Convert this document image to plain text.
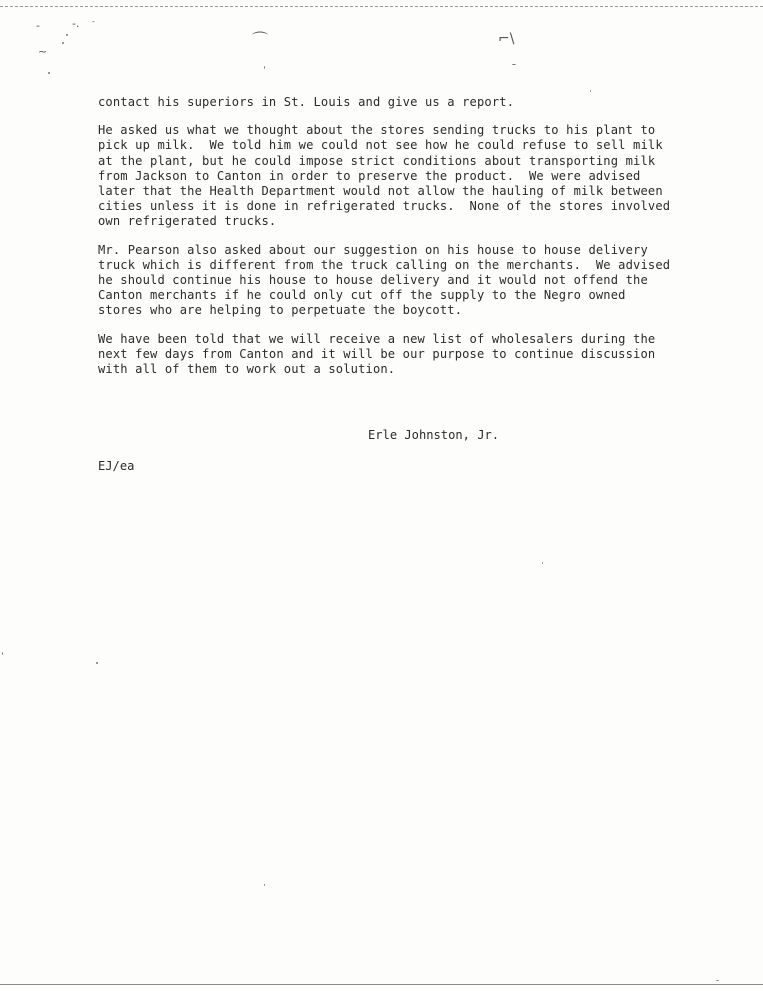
-	-. -
~
⌒	⌐\
contact his superiors in St. Louis and give us a report.
He asked us what we thought about the stores sending trucks to his plant to
pick up milk.  We told him we could not see how he could refuse to sell milk
at the plant, but he could impose strict conditions about transporting milk
from Jackson to Canton in order to preserve the product.  We were advised
later that the Health Department would not allow the hauling of milk between
cities unless it is done in refrigerated trucks.  None of the stores involved
own refrigerated trucks.
Mr. Pearson also asked about our suggestion on his house to house delivery
truck which is different from the truck calling on the merchants.  We advised
he should continue his house to house delivery and it would not offend the
Canton merchants if he could only cut off the supply to the Negro owned
stores who are helping to perpetuate the boycott.
We have been told that we will receive a new list of wholesalers during the
next few days from Canton and it will be our purpose to continue discussion
with all of them to work out a solution.
Erle Johnston, Jr.
EJ/ea
